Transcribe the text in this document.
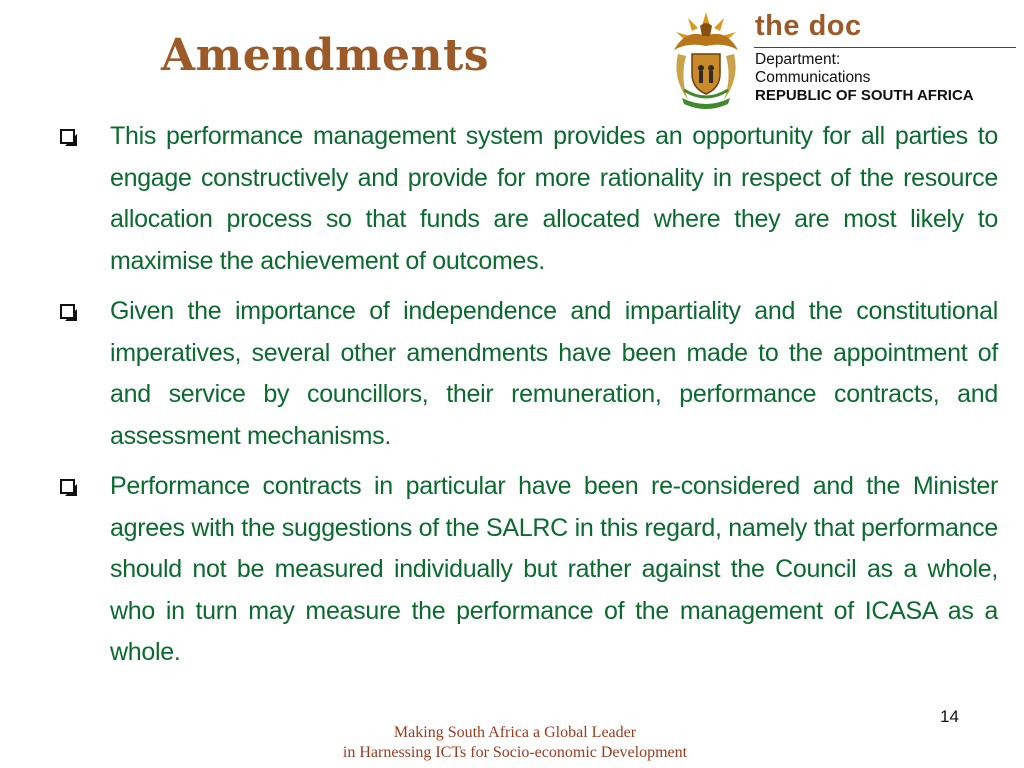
Amendments
the doc
Department:
Communications
REPUBLIC OF SOUTH AFRICA
This performance management system provides an opportunity for all parties to engage constructively and provide for more rationality in respect of the resource allocation process so that funds are allocated where they are most likely to maximise the achievement of outcomes.
Given the importance of independence and impartiality and the constitutional imperatives, several other amendments have been made to the appointment of and service by councillors, their remuneration, performance contracts, and assessment mechanisms.
Performance contracts in particular have been re-considered and the Minister agrees with the suggestions of the SALRC in this regard, namely that performance should not be measured individually but rather against the Council as a whole, who in turn may measure the performance of the management of ICASA as a whole.
14
Making South Africa a Global Leader
in Harnessing ICTs for Socio-economic Development
